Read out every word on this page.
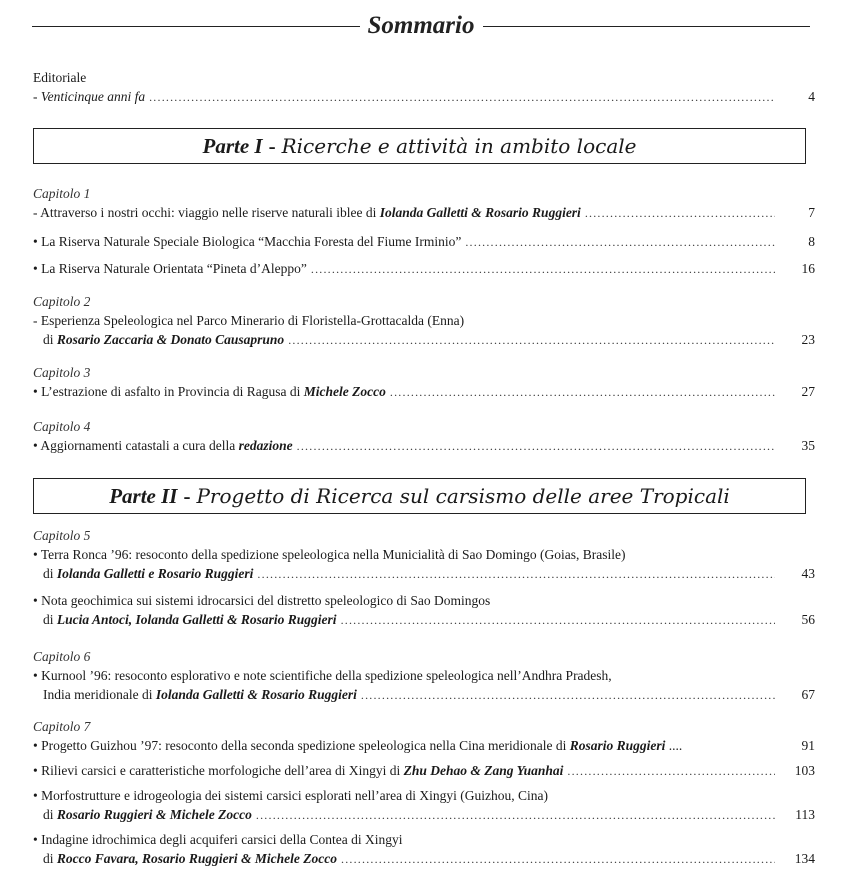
Sommario
Editoriale
- Venticinque anni fa .....	4
Parte I - Ricerche e attività in ambito locale
Capitolo 1
- Attraverso i nostri occhi: viaggio nelle riserve naturali iblee di Iolanda Galletti & Rosario Ruggieri .....	7
• La Riserva Naturale Speciale Biologica “Macchia Foresta del Fiume Irminio” .....	8
• La Riserva Naturale Orientata “Pineta d’Aleppo” .....	16
Capitolo 2
- Esperienza Speleologica nel Parco Minerario di Floristella-Grottacalda (Enna)
di Rosario Zaccaria & Donato Causapruno .....	23
Capitolo 3
• L’estrazione di asfalto in Provincia di Ragusa di Michele Zocco .....	27
Capitolo 4
• Aggiornamenti catastali a cura della redazione .....	35
Parte II - Progetto di Ricerca sul carsismo delle aree Tropicali
Capitolo 5
• Terra Ronca ’96: resoconto della spedizione speleologica nella Municialità di Sao Domingo (Goias, Brasile)
di Iolanda Galletti e Rosario Ruggieri .....	43
• Nota geochimica sui sistemi idrocarsici del distretto speleologico di Sao Domingos
di Lucia Antoci, Iolanda Galletti & Rosario Ruggieri .....	56
Capitolo 6
• Kurnool ’96: resoconto esplorativo e note scientifiche della spedizione speleologica nell’Andhra Pradesh,
India meridionale di Iolanda Galletti & Rosario Ruggieri .....	67
Capitolo 7
• Progetto Guizhou ’97: resoconto della seconda spedizione speleologica nella Cina meridionale di Rosario Ruggieri ....	91
• Rilievi carsici e caratteristiche morfologiche dell’area di Xingyi di Zhu Dehao & Zang Yuanhai .....	103
• Morfostrutture e idrogeologia dei sistemi carsici esplorati nell’area di Xingyi (Guizhou, Cina)
di Rosario Ruggieri & Michele Zocco .....	113
• Indagine idrochimica degli acquiferi carsici della Contea di Xingyi
di Rocco Favara, Rosario Ruggieri & Michele Zocco .....	134
